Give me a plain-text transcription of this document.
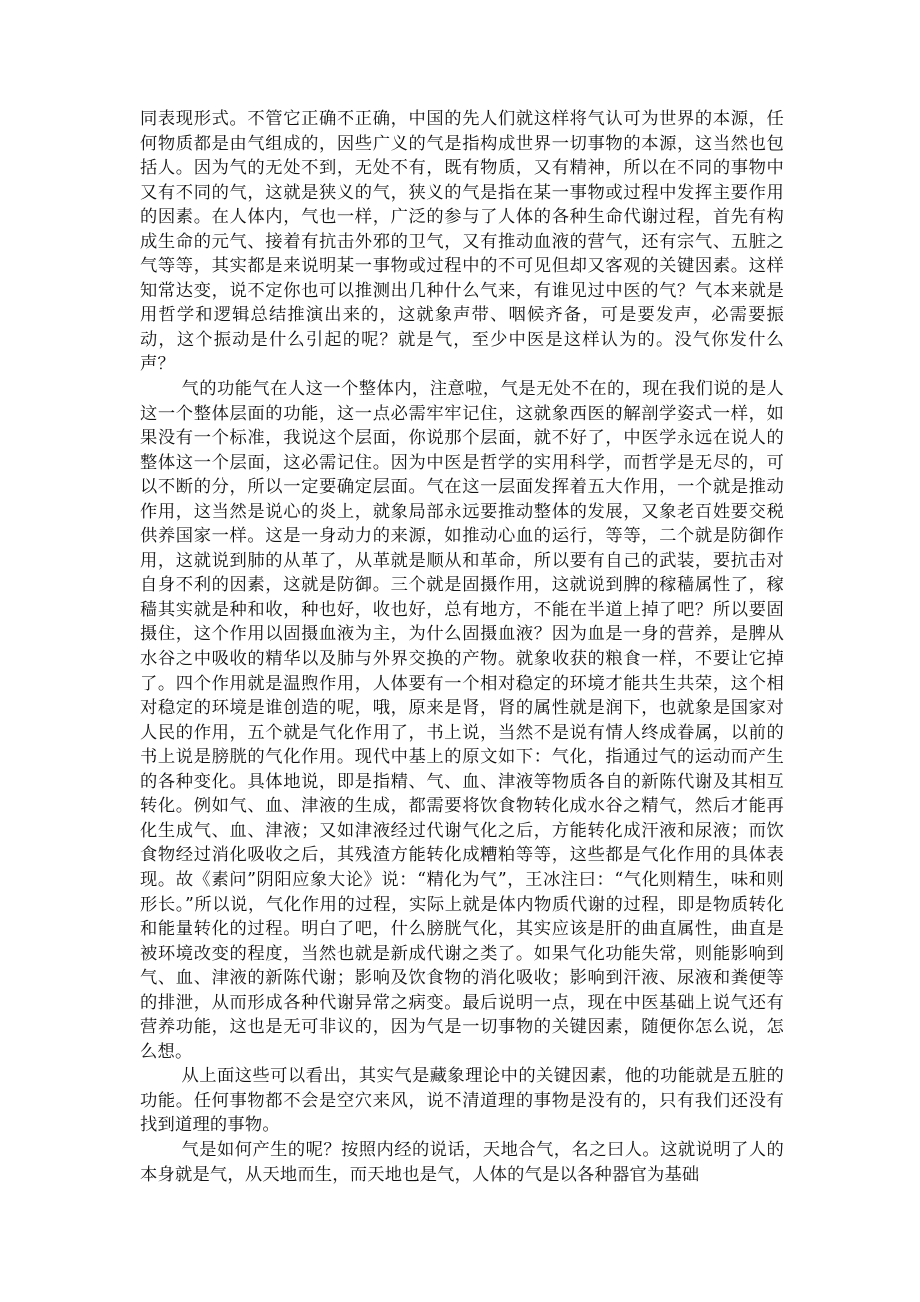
同表现形式。不管它正确不正确，中国的先人们就这样将气认可为世界的本源，任何物质都是由气组成的，因些广义的气是指构成世界一切事物的本源，这当然也包括人。因为气的无处不到，无处不有，既有物质，又有精神，所以在不同的事物中又有不同的气，这就是狭义的气，狭义的气是指在某一事物或过程中发挥主要作用的因素。在人体内，气也一样，广泛的参与了人体的各种生命代谢过程，首先有构成生命的元气、接着有抗击外邪的卫气，又有推动血液的营气，还有宗气、五脏之气等等，其实都是来说明某一事物或过程中的不可见但却又客观的关键因素。这样知常达变，说不定你也可以推测出几种什么气来，有谁见过中医的气？气本来就是用哲学和逻辑总结推演出来的，这就象声带、咽候齐备，可是要发声，必需要振动，这个振动是什么引起的呢？就是气，至少中医是这样认为的。没气你发什么声？

气的功能气在人这一个整体内，注意啦，气是无处不在的，现在我们说的是人这一个整体层面的功能，这一点必需牢牢记住，这就象西医的解剖学姿式一样，如果没有一个标准，我说这个层面，你说那个层面，就不好了，中医学永远在说人的整体这一个层面，这必需记住。因为中医是哲学的实用科学，而哲学是无尽的，可以不断的分，所以一定要确定层面。气在这一层面发挥着五大作用，一个就是推动作用，这当然是说心的炎上，就象局部永远要推动整体的发展，又象老百姓要交税供养国家一样。这是一身动力的来源，如推动心血的运行，等等，二个就是防御作用，这就说到肺的从革了，从革就是顺从和革命，所以要有自己的武装，要抗击对自身不利的因素，这就是防御。三个就是固摄作用，这就说到脾的稼穑属性了，稼穑其实就是种和收，种也好，收也好，总有地方，不能在半道上掉了吧？所以要固摄住，这个作用以固摄血液为主，为什么固摄血液？因为血是一身的营养，是脾从水谷之中吸收的精华以及肺与外界交换的产物。就象收获的粮食一样，不要让它掉了。四个作用就是温煦作用，人体要有一个相对稳定的环境才能共生共荣，这个相对稳定的环境是谁创造的呢，哦，原来是肾，肾的属性就是润下，也就象是国家对人民的作用，五个就是气化作用了，书上说，当然不是说有情人终成眷属，以前的书上说是膀胱的气化作用。现代中基上的原文如下：气化，指通过气的运动而产生的各种变化。具体地说，即是指精、气、血、津液等物质各自的新陈代谢及其相互转化。例如气、血、津液的生成，都需要将饮食物转化成水谷之精气，然后才能再化生成气、血、津液；又如津液经过代谢气化之后，方能转化成汗液和尿液；而饮食物经过消化吸收之后，其残渣方能转化成糟粕等等，这些都是气化作用的具体表现。故《素问”阴阳应象大论》说：“精化为气”，王冰注曰：“气化则精生，味和则形长。”所以说，气化作用的过程，实际上就是体内物质代谢的过程，即是物质转化和能量转化的过程。明白了吧，什么膀胱气化，其实应该是肝的曲直属性，曲直是被环境改变的程度，当然也就是新成代谢之类了。如果气化功能失常，则能影响到气、血、津液的新陈代谢；影响及饮食物的消化吸收；影响到汗液、尿液和粪便等的排泄，从而形成各种代谢异常之病变。最后说明一点，现在中医基础上说气还有营养功能，这也是无可非议的，因为气是一切事物的关键因素，随便你怎么说，怎么想。

从上面这些可以看出，其实气是藏象理论中的关键因素，他的功能就是五脏的功能。任何事物都不会是空穴来风，说不清道理的事物是没有的，只有我们还没有找到道理的事物。

气是如何产生的呢？按照内经的说话，天地合气，名之曰人。这就说明了人的本身就是气，从天地而生，而天地也是气，人体的气是以各种器官为基础
